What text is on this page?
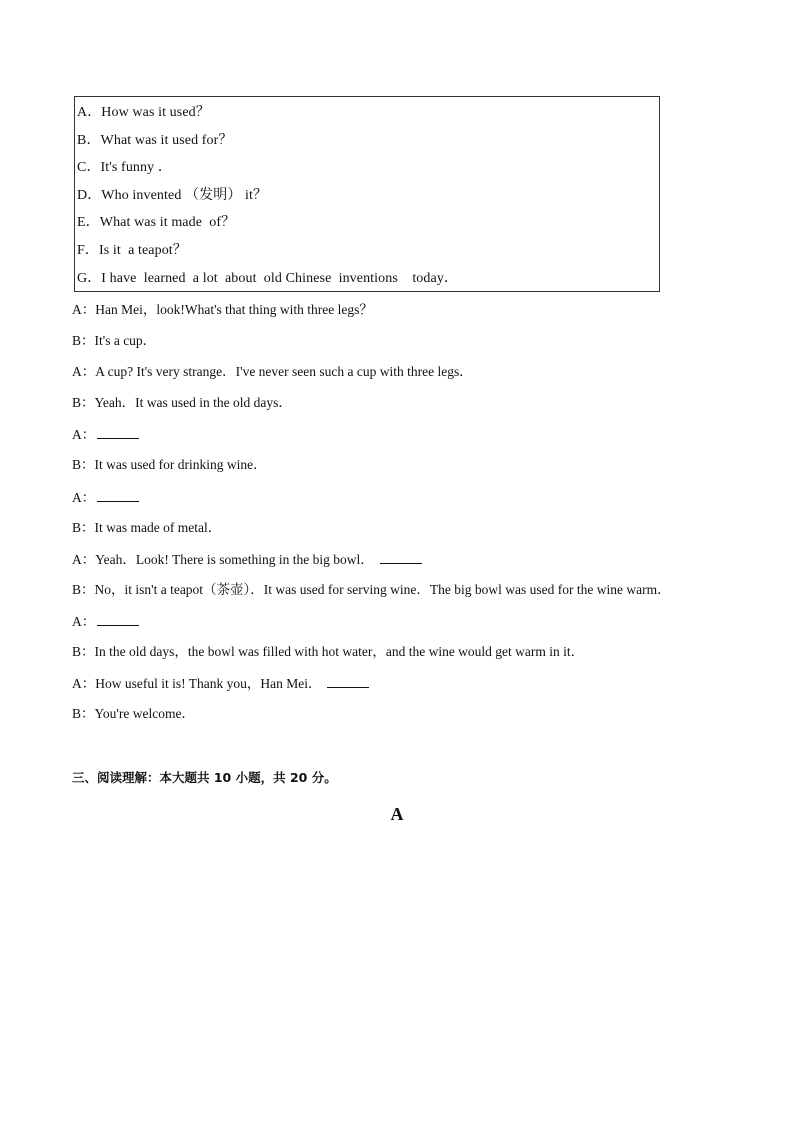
A．How was it used？
B．What was it used for？
C．It's funny ．
D．Who invented （发明） it？
E．What was it made  of？
F．Is it  a teapot？
G．I have  learned  a lot  about  old Chinese  inventions    today．
A： Han Mei，look!What's that thing with three legs？
B： It's a cup．
A： A cup? It's very strange．I've never seen such a cup with three legs．
B： Yeah．It was used in the old days．
A：
B： It was used for drinking wine．
A：
B： It was made of metal．
A： Yeah．Look! There is something in the big bowl．
B： No，it isn't a teapot（茶壶）．It was used for serving wine．The big bowl was used for the wine warm．
A：
B： In the old days，the bowl was filled with hot water，and the wine would get warm in it．
A： How useful it is! Thank you，Han Mei．
B： You're welcome．
三、阅读理解：本大题共 10 小题，共 20 分。
A
